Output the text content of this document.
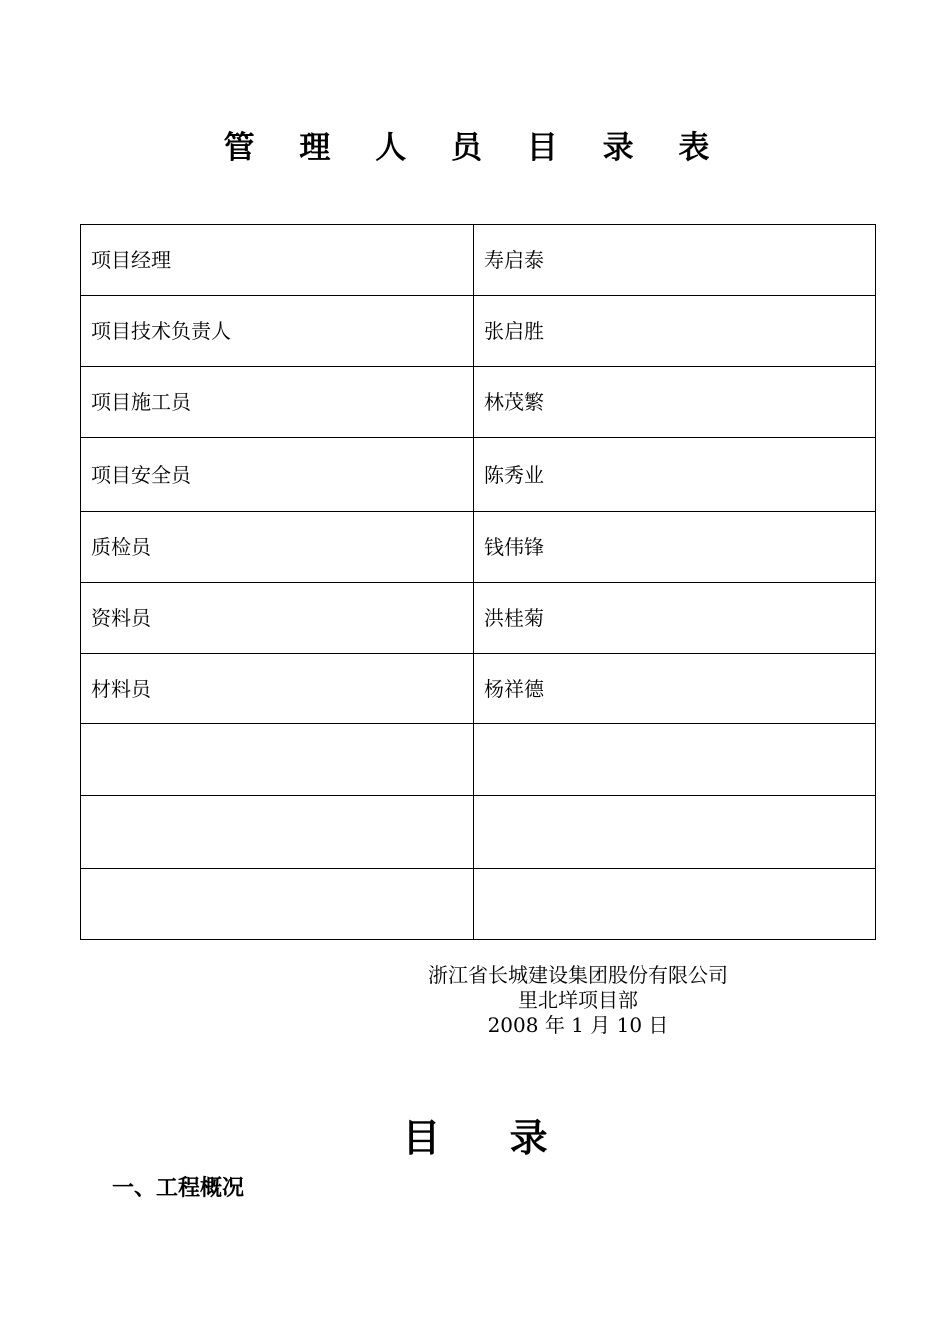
管 理 人 员 目 录 表
项目经理	寿启泰
项目技术负责人	张启胜
项目施工员	林茂繁
项目安全员	陈秀业
质检员	钱伟锋
资料员	洪桂菊
材料员	杨祥德

浙江省长城建设集团股份有限公司
里北垟项目部
2008 年 1 月 10 日
目 录
一、工程概况
